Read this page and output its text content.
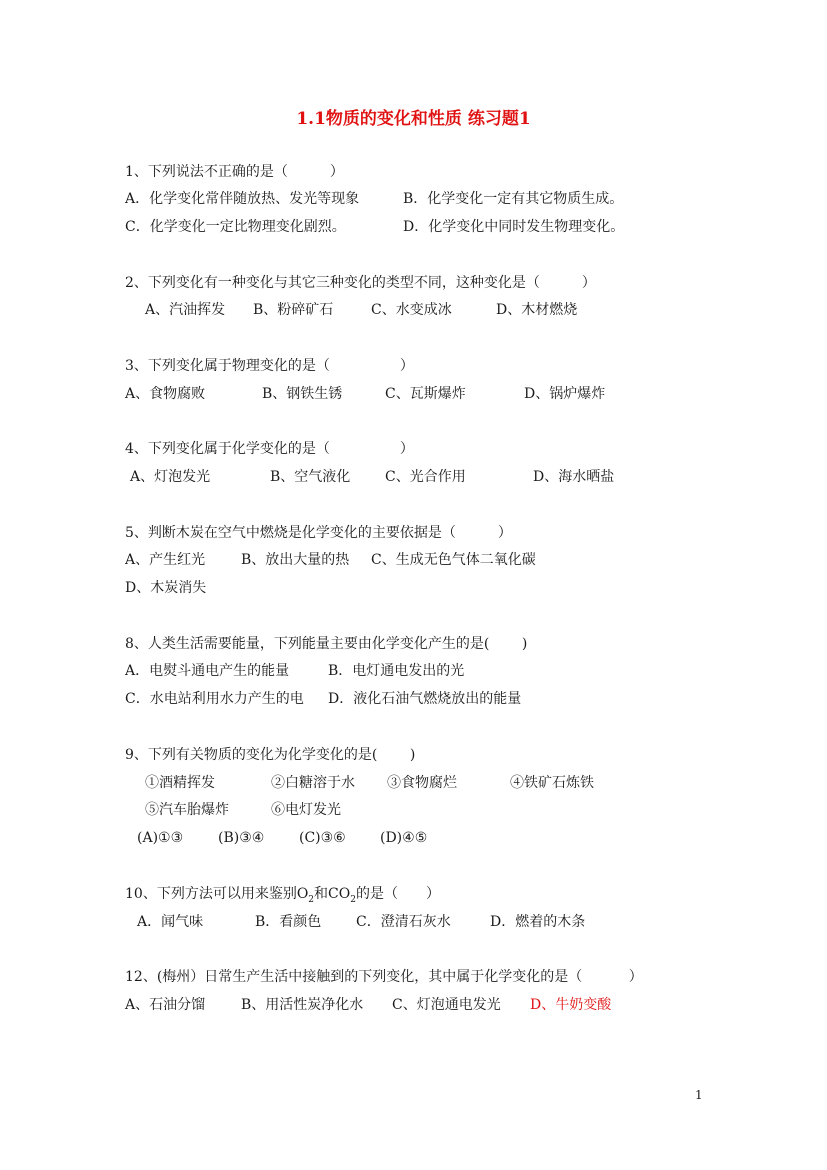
1.1物质的变化和性质 练习题1
1、下列说法不正确的是（　　　）
A．化学变化常伴随放热、发光等现象	B．化学变化一定有其它物质生成。
C．化学变化一定比物理变化剧烈。	D．化学变化中同时发生物理变化。
2、下列变化有一种变化与其它三种变化的类型不同，这种变化是（　　　）
A、汽油挥发 B、粉碎矿石	C、水变成冰	D、木材燃烧
3、下列变化属于物理变化的是（　　　　　）
A、食物腐败	B、钢铁生锈	C、瓦斯爆炸	D、锅炉爆炸
4、下列变化属于化学变化的是（　　　　　）
A、灯泡发光	B、空气液化 C、光合作用	D、海水晒盐
5、判断木炭在空气中燃烧是化学变化的主要依据是（　　　）
A、产生红光	B、放出大量的热 C、生成无色气体二氧化碳
D、木炭消失
8、人类生活需要能量，下列能量主要由化学变化产生的是(　　 )
A．电熨斗通电产生的能量	B．电灯通电发出的光
C．水电站利用水力产生的电 D．液化石油气燃烧放出的能量
9、下列有关物质的变化为化学变化的是(　　 )
①酒精挥发	②白糖溶于水 ③食物腐烂	④铁矿石炼铁
⑤汽车胎爆炸	⑥电灯发光
(A)①③ (B)③④ (C)③⑥ (D)④⑤
10、下列方法可以用来鉴别$O_2$和$CO_2$的是（　　）
A．闻气味	B．看颜色 C．澄清石灰水	D．燃着的木条
12、(梅州）日常生产生活中接触到的下列变化，其中属于化学变化的是（　　　 ）
A、石油分馏	B、用活性炭净化水 C、灯泡通电发光 D、牛奶变酸
1
